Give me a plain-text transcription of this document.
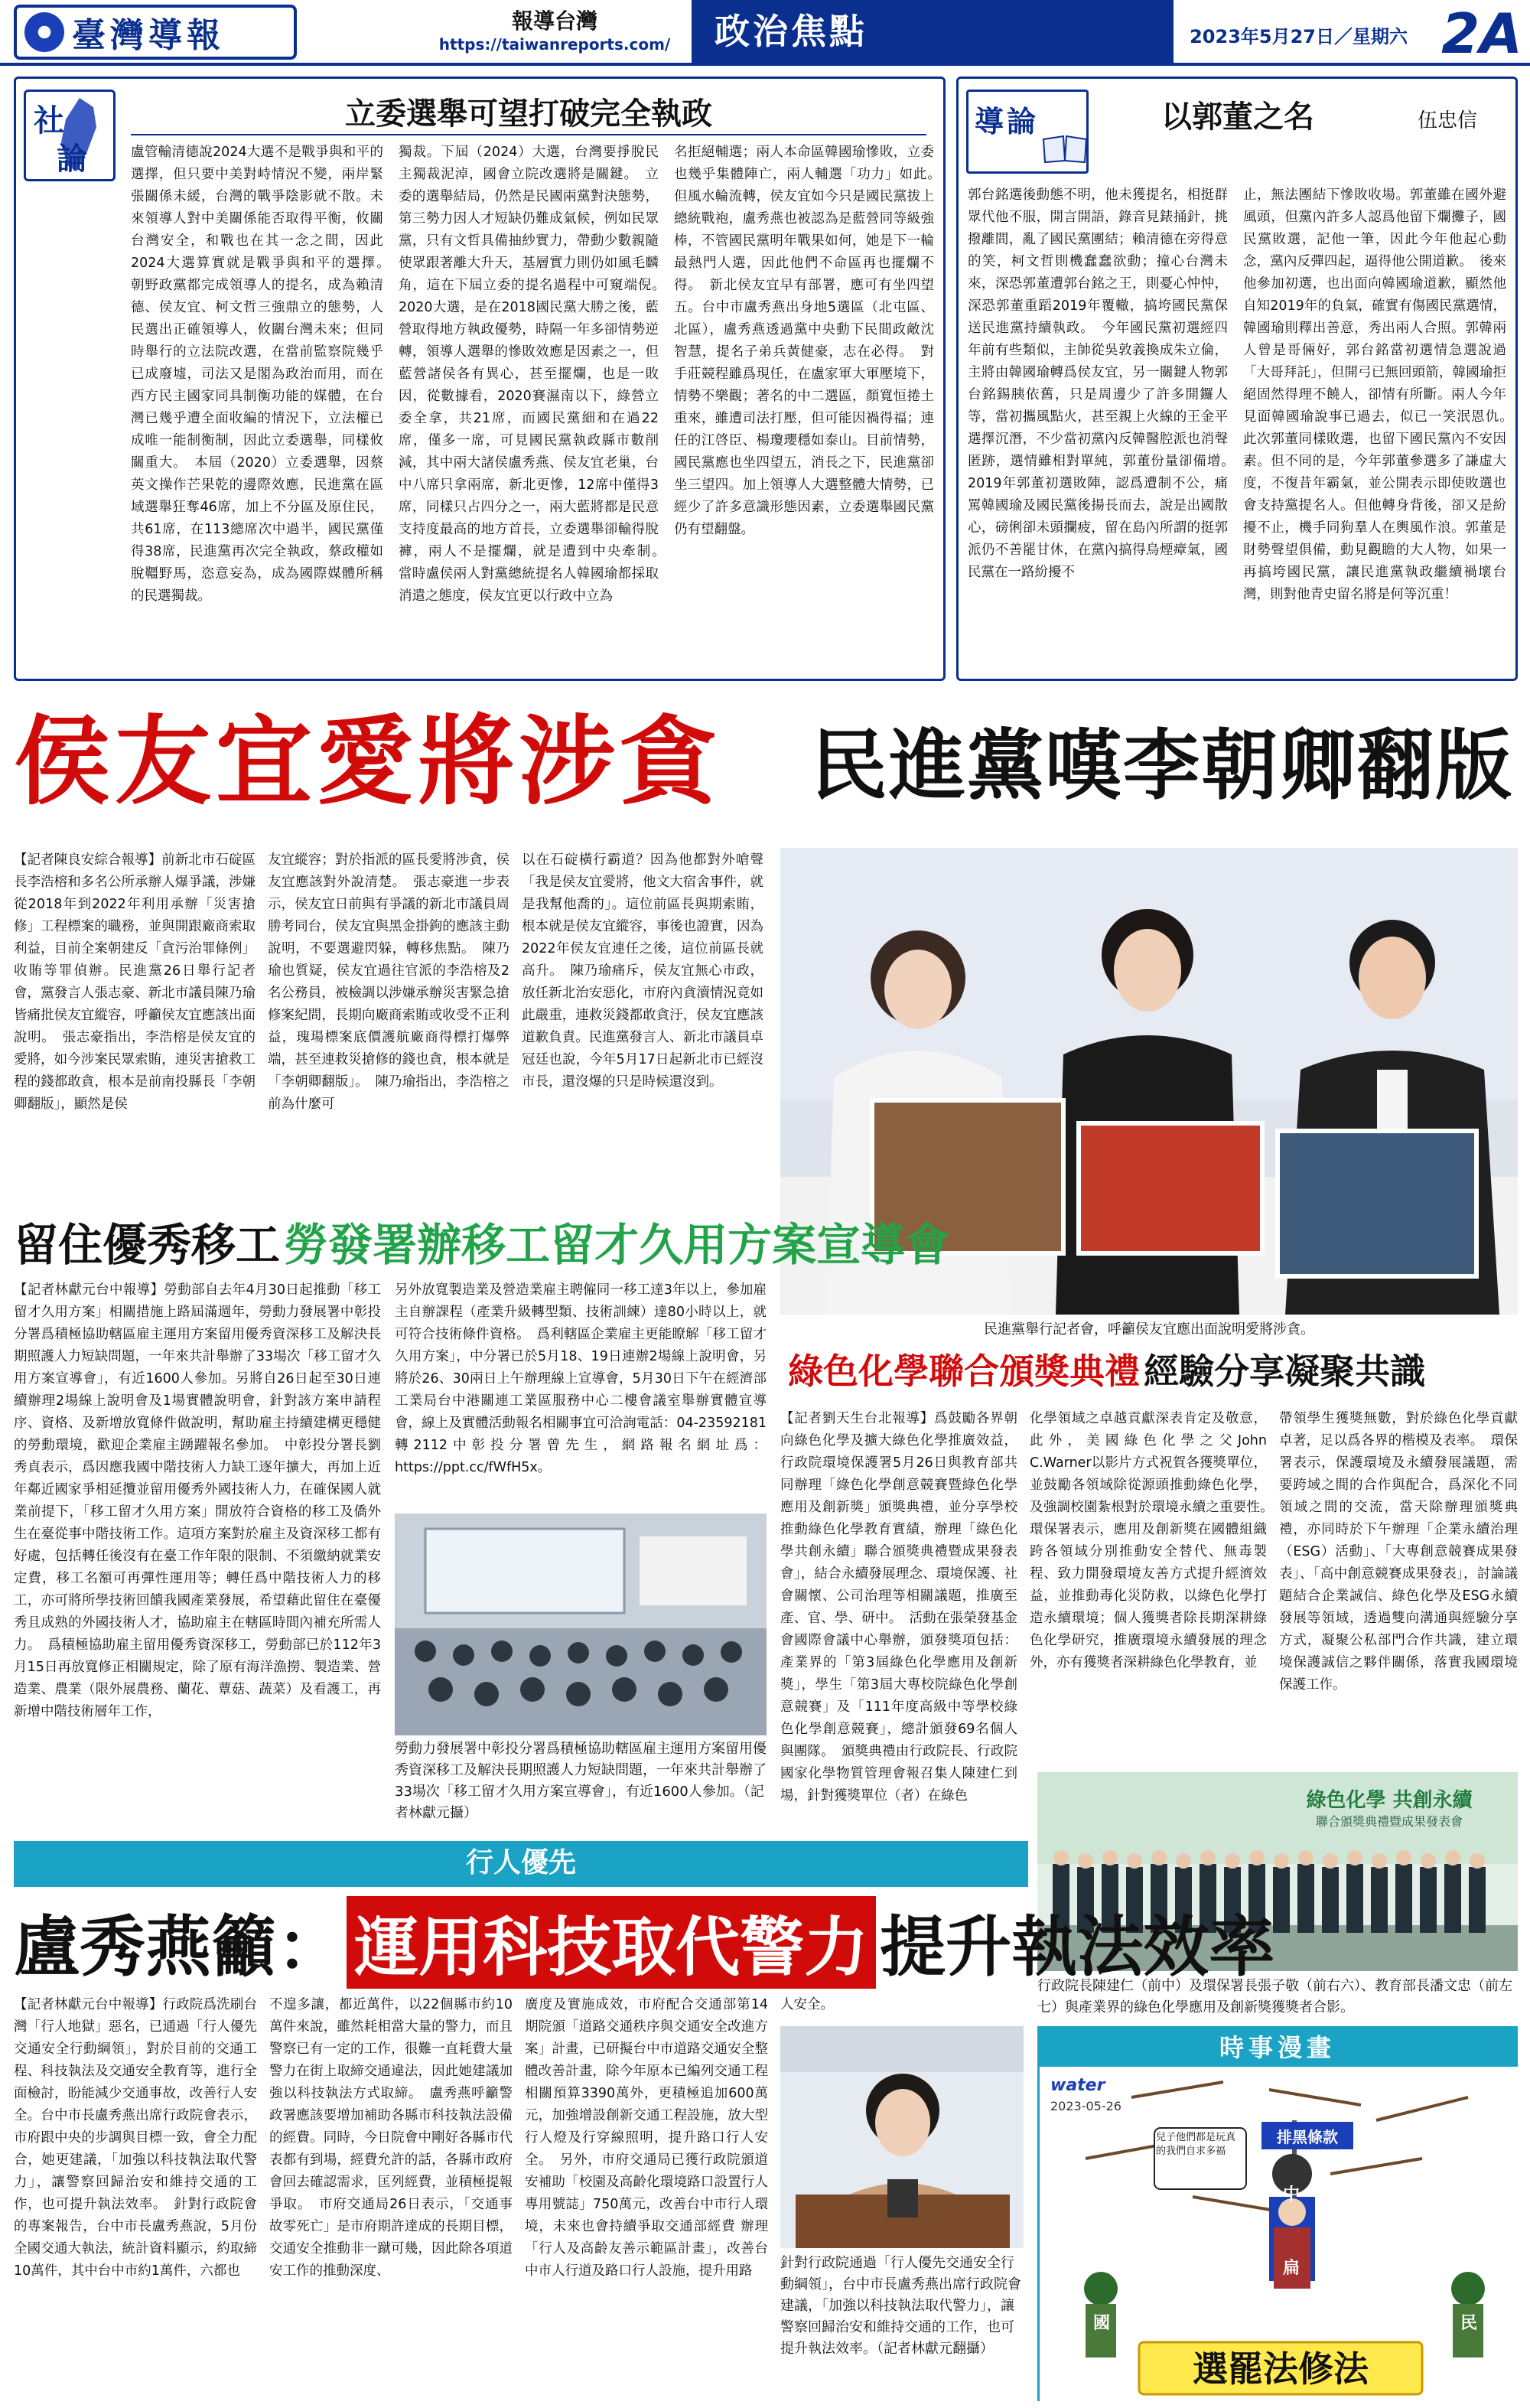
臺灣導報	報導台灣
https://taiwanreports.com/	政治焦點	2023年5月27日／星期六 2A
社
論
立委選舉可望打破完全執政
盧管輸清德說2024大選不是戰爭與和平的選擇，但只要中美對峙情況不變，兩岸緊張關係未緩，台灣的戰爭陰影就不散。未來領導人對中美關係能否取得平衡，攸關台灣安全，和戰也在其一念之間，因此2024大選算實就是戰爭與和平的選擇。　朝野政黨都完成領導人的提名，成為賴清德、侯友宜、柯文哲三強鼎立的態勢，人民選出正確領導人，攸關台灣未來；但同時舉行的立法院改選，在當前監察院幾乎已成廢墟，司法又是閣為政治而用，而在西方民主國家同具制衡功能的媒體，在台灣已幾乎遭全面收編的情況下，立法權已成唯一能制衡制，因此立委選舉，同樣攸關重大。　本屆（2020）立委選舉，因蔡英文操作芒果乾的邊際效應，民進黨在區域選舉狂奪46席，加上不分區及原住民，共61席，在113總席次中過半，國民黨僅得38席，民進黨再次完全執政，蔡政權如脫韁野馬，恣意妄為，成為國際媒體所稱的民選獨裁。
獨裁。下屆（2024）大選，台灣要掙脫民主獨裁泥淖，國會立院改選將是關鍵。　立委的選舉結局，仍然是民國兩黨對決態勢，第三勢力因人才短缺仍難成氣候，例如民眾黨，只有文哲具備抽紗實力，帶動少數親隨使眾跟著離大升天，基層實力則仍如風毛麟角，這在下屆立委的提名過程中可窺端倪。　2020大選，是在2018國民黨大勝之後，藍營取得地方執政優勢，時隔一年多卻情勢逆轉，領導人選舉的慘敗效應是因素之一，但藍營諸侯各有異心，甚至擺爛，也是一敗因，從數據看，2020賽濕南以下，綠營立委全拿，共21席，而國民黨細和在過22席，僅多一席，可見國民黨執政縣市數削減，其中兩大諸侯盧秀燕、侯友宜老巢，台中八席只拿兩席，新北更慘，12席中僅得3席，同樣只占四分之一，兩大藍將都是民意支持度最高的地方首長，立委選舉卻輸得脫褲，兩人不是擺爛，就是遭到中央牽制。　當時盧侯兩人對黨總統提名人韓國瑜都採取消遣之態度，侯友宜更以行政中立為
名拒絕輔選；兩人本命區韓國瑜慘敗，立委也幾乎集體陣亡，兩人輔選「功力」如此。　但風水輪流轉，侯友宜如今只是國民黨拔上總統戰袍，盧秀燕也被認為是藍營同等級強棒，不管國民黨明年戰果如何，她是下一輪最熱門人選，因此他們不命區再也擺爛不得。　新北侯友宜早有部署，應可有坐四望五。台中市盧秀燕出身地5選區（北屯區、北區），盧秀燕透過黨中央動下民間政敵沈智慧，提名子弟兵黃健豪，志在必得。　對手莊競程雖爲現任，在盧家軍大軍壓境下，情勢不樂觀；著名的中二選區，顏寬恒捲土重來，雖遭司法打壓，但可能因禍得福；連任的江啓臣、楊瓊瓔穩如泰山。目前情勢，國民黨應也坐四望五，消長之下，民進黨卻坐三望四。加上領導人大選整體大情勢，已經少了許多意識形態因素，立委選舉國民黨仍有望翻盤。
導 論	以郭董之名	伍忠信
郭台銘選後動態不明，他未獲提名，相挺群眾代他不服，開言開語，錄音見錶捅針，挑撥離間，亂了國民黨團結；賴清德在旁得意的笑，柯文哲則機蠢蠢欲動；撞心台灣未來，深恐郭董遭郭台銘之王，則憂心忡忡，深恐郭董重蹈2019年覆轍，搞垮國民黨保送民進黨持續執政。　今年國民黨初選經四年前有些類似，主帥從吳敦義換成朱立倫，主將由韓國瑜轉爲侯友宜，另一關鍵人物郭台銘錫胰依舊，只是周邊少了許多開鑼人等，當初攜風點火，甚至親上火線的王金平選擇沉潛，不少當初黨內反韓醫腔派也消聲匿跡，選情雖相對單純，郭董份量卻備增。　2019年郭董初選敗陣，認爲遭制不公，痛罵韓國瑜及國民黨後揚長而去，說是出國散心，磅俐卻未頭攔疲，留在島內所謂的挺郭派仍不善罷甘休，在黨內搞得烏煙瘴氣，國民黨在一路紛擾不
止，無法團結下慘敗收場。郭董雖在國外避風頭，但黨內許多人認爲他留下爛攤子，國民黨敗選，記他一筆，因此今年他起心動念，黨內反彈四起，逼得他公開道歉。　後來他參加初選，也出面向韓國瑜道歉，顯然他自知2019年的負氣，確實有傷國民黨選情，韓國瑜則釋出善意，秀出兩人合照。郭韓兩人曾是哥倆好，郭台銘當初選情急選說過「大哥拜託」，但開弓已無回頭箭，韓國瑜拒絕固然得理不饒人，卻情有所斷。兩人今年見面韓國瑜說事已過去，似已一笑泯恩仇。　此次郭董同樣敗選，也留下國民黨內不安因素。但不同的是，今年郭董參選多了謙虛大度，不復昔年霸氣，並公開表示即使敗選也會支持黨提名人。但他轉身背後，卻又是紛擾不止，機手同狗羣人在輿風作浪。郭董是財勢聲望俱備，動見觀瞻的大人物，如果一再搞垮國民黨，讓民進黨執政繼續禍壞台灣，則對他青史留名將是何等沉重！
侯友宜愛將涉貪	民進黨嘆李朝卿翻版
【記者陳良安綜合報導】前新北市石碇區長李浩榕和多名公所承辦人爆爭議，涉嫌從2018年到2022年利用承辦「災害搶修」工程標案的職務，並與開跟廠商索取利益，目前全案朝建反「貪污治罪條例」收賄等罪偵辦。民進黨26日舉行記者會，黨發言人張志豪、新北市議員陳乃瑜皆痛批侯友宜縱容，呼籲侯友宜應該出面說明。　張志豪指出，李浩榕是侯友宜的愛將，如今涉案民眾索賄，連災害搶救工程的錢都敢貪，根本是前南投縣長「李朝卿翻版」，顯然是侯
友宜縱容；對於指派的區長愛將涉貪，侯友宜應該對外說清楚。　張志豪進一步表示，侯友宜日前與有爭議的新北市議員周勝考同台，侯友宜與黑金掛鉤的應該主動說明，不要選避閃躲，轉移焦點。　陳乃瑜也質疑，侯友宜過往官派的李浩榕及2名公務員，被檢調以涉嫌承辦災害緊急搶修案紀間，長期向廠商索賄或收受不正利益，瑰瑒標案底價護航廠商得標打爆弊端，甚至連救災搶修的錢也貪，根本就是「李朝卿翻版」。　陳乃瑜指出，李浩榕之前為什麼可
以在石碇橫行霸道？因為他都對外嗆聲「我是侯友宜愛將，他文大宿舍事件，就是我幫他喬的」。這位前區長與期索賄，根本就是侯友宜縱容，事後也證實，因為2022年侯友宜連任之後，這位前區長就高升。　陳乃瑜痛斥，侯友宜無心市政，放任新北治安惡化，市府內貪瀆情況竟如此嚴重，連救災錢都敢貪汙，侯友宜應該道歉負責。民進黨發言人、新北市議員卓冠廷也說，今年5月17日起新北市已經沒市長，還沒爆的只是時候還沒到。
民進黨舉行記者會，呼籲侯友宜應出面說明愛將涉貪。
留住優秀移工 勞發署辦移工留才久用方案宣導會
【記者林獻元台中報導】勞動部自去年4月30日起推動「移工留才久用方案」相關措施上路屆滿週年，勞動力發展署中彰投分署爲積極協助轄區雇主運用方案留用優秀資深移工及解決長期照護人力短缺問題，一年來共計舉辦了33場次「移工留才久用方案宣導會」，有近1600人參加。另將自26日起至30日連續辦理2場線上說明會及1場實體說明會，針對該方案申請程序、資格、及新增放寬條件做說明，幫助雇主持續建構更穩健的勞動環境，歡迎企業雇主踴躍報名參加。　中彰投分署長劉秀貞表示，爲因應我國中階技術人力缺工逐年擴大，再加上近年鄰近國家爭相延攬並留用優秀外國技術人力，在確保國人就業前提下，「移工留才久用方案」開放符合資格的移工及僑外生在臺從事中階技術工作。這項方案對於雇主及資深移工都有好處，包括轉任後沒有在臺工作年限的限制、不須繳納就業安定費，移工名額可再彈性運用等；轉任爲中階技術人力的移工，亦可將所學技術回饋我國產業發展，希望藉此留住在臺優秀且成熟的外國技術人才，協助雇主在轄區時間內補充所需人力。　爲積極協助雇主留用優秀資深移工，勞動部已於112年3月15日再放寬修正相關規定，除了原有海洋漁撈、製造業、營造業、農業（限外展農務、蘭花、蕈菇、蔬菜）及看護工，再新增中階技術層年工作，
另外放寬製造業及營造業雇主聘僱同一移工達3年以上，參加雇主自辦課程（產業升級轉型類、技術訓練）達80小時以上，就可符合技術條件資格。　爲利轄區企業雇主更能瞭解「移工留才久用方案」，中分署已於5月18、19日連辦2場線上說明會，另將於26、30兩日上午辦理線上宣導會，5月30日下午在經濟部工業局台中港關連工業區服務中心二樓會議室舉辦實體宣導會，線上及實體活動報名相關事宜可洽詢電話：04-23592181轉2112中彰投分署曾先生，網路報名網址爲：https://ppt.cc/fWfH5x。
勞動力發展署中彰投分署爲積極協助轄區雇主運用方案留用優秀資深移工及解決長期照護人力短缺問題，一年來共計舉辦了33場次「移工留才久用方案宣導會」，有近1600人參加。（記者林獻元攝）
綠色化學聯合頒獎典禮 經驗分享凝聚共識
【記者劉天生台北報導】爲鼓勵各界朝向綠色化學及擴大綠色化學推廣效益，行政院環境保護署5月26日與教育部共同辦理「綠色化學創意競賽暨綠色化學應用及創新獎」頒獎典禮，並分享學校推動綠色化學教育實績，辦理「綠色化學共創永續」聯合頒獎典禮暨成果發表會」，結合永續發展理念、環境保護、社會關懷、公司治理等相關議題，推廣至產、官、學、研中。　活動在張榮發基金會國際會議中心舉辦，頒發獎項包括：產業界的「第3屆綠色化學應用及創新獎」，學生「第3屆大專校院綠色化學創意競賽」及「111年度高級中等學校綠色化學創意競賽」，總計頒發69名個人與團隊。　頒獎典禮由行政院長、行政院國家化學物質管理會報召集人陳建仁到場，針對獲獎單位（者）在綠色
化學領域之卓越貢獻深表肯定及敬意，此外，美國綠色化學之父John C.Warner以影片方式祝賀各獲獎單位，並鼓勵各領域除從源頭推動綠色化學，及強調校園紮根對於環境永續之重要性。　環保署表示，應用及創新獎在國體組織跨各領域分別推動安全替代、無毒製程、致力開發環境友善方式提升經濟效益，並推動毒化災防救，以綠色化學打造永續環境；個人獲獎者除長期深耕綠色化學研究，推廣環境永續發展的理念外，亦有獲獎者深耕綠色化學教育，並
帶領學生獲獎無數，對於綠色化學貢獻卓著，足以爲各界的楷模及表率。　環保署表示，保護環境及永續發展議題，需要跨域之間的合作與配合，爲深化不同領域之間的交流，當天除辦理頒獎典禮，亦同時於下午辦理「企業永續治理（ESG）活動」、「大專創意競賽成果發表」、「高中創意競賽成果發表」，討論議題結合企業誠信、綠色化學及ESG永續發展等領域，透過雙向溝通與經驗分享方式，凝聚公私部門合作共識，建立環境保護誠信之夥伴關係，落實我國環境保護工作。
綠色化學 共創永續
聯合頒獎典禮暨成果發表會
行政院長陳建仁（前中）及環保署長張子敬（前右六）、教育部長潘文忠（前左七）與產業界的綠色化學應用及創新獎獲獎者合影。
行人優先
盧秀燕籲： 運用科技取代警力 提升執法效率
【記者林獻元台中報導】行政院爲洗刷台灣「行人地獄」惡名，已通過「行人優先交通安全行動綱領」，對於目前的交通工程、科技執法及交通安全教育等，進行全面檢討，盼能減少交通事故，改善行人安全。台中市長盧秀燕出席行政院會表示，市府跟中央的步調與目標一致，會全力配合，她更建議，「加強以科技執法取代警力」，讓警察回歸治安和維持交通的工作，也可提升執法效率。　針對行政院會的專案報告，台中市長盧秀燕說，5月份全國交通大執法，統計資料顯示，約取締10萬件，其中台中市約1萬件，六都也
不遑多讓，都近萬件，以22個縣市約10萬件來說，雖然耗相當大量的警力，而且警察已有一定的工作，很難一直耗費大量警力在街上取締交通違法，因此她建議加強以科技執法方式取締。　盧秀燕呼籲警政署應該要增加補助各縣市科技執法設備的經費。同時，今日院會中剛好各縣市代表都有到場，經費允許的話，各縣市政府會回去確認需求，匡列經費，並積極提報爭取。　市府交通局26日表示，「交通事故零死亡」是市府期許達成的長期目標，交通安全推動非一蹴可幾，因此除各項道安工作的推動深度、
廣度及實施成效，市府配合交通部第14期院頒「道路交通秩序與交通安全改進方案」計畫，已研擬台中市道路交通安全整體改善計畫，除今年原本已編列交通工程相關預算3390萬外，更積極追加600萬元，加強增設創新交通工程設施，放大型行人燈及行穿線照明，提升路口行人安全。　另外，市府交通局已獲行政院頒道安補助「校園及高齡化環境路口設置行人專用號誌」750萬元，改善台中市行人環境，未來也會持續爭取交通部經費 辦理「行人及高齡友善示範區計畫」，改善台中市人行道及路口行人設施，提升用路
人安全。
針對行政院通過「行人優先交通安全行動綱領」，台中市長盧秀燕出席行政院會建議，「加強以科技執法取代警力」，讓警察回歸治安和維持交通的工作，也可提升執法效率。（記者林獻元翻攝）
時事漫畫
water
2023-05-26
兒子他們都是玩真的我們自求多福
排黑條款
中
扁
國	民
選罷法修法
